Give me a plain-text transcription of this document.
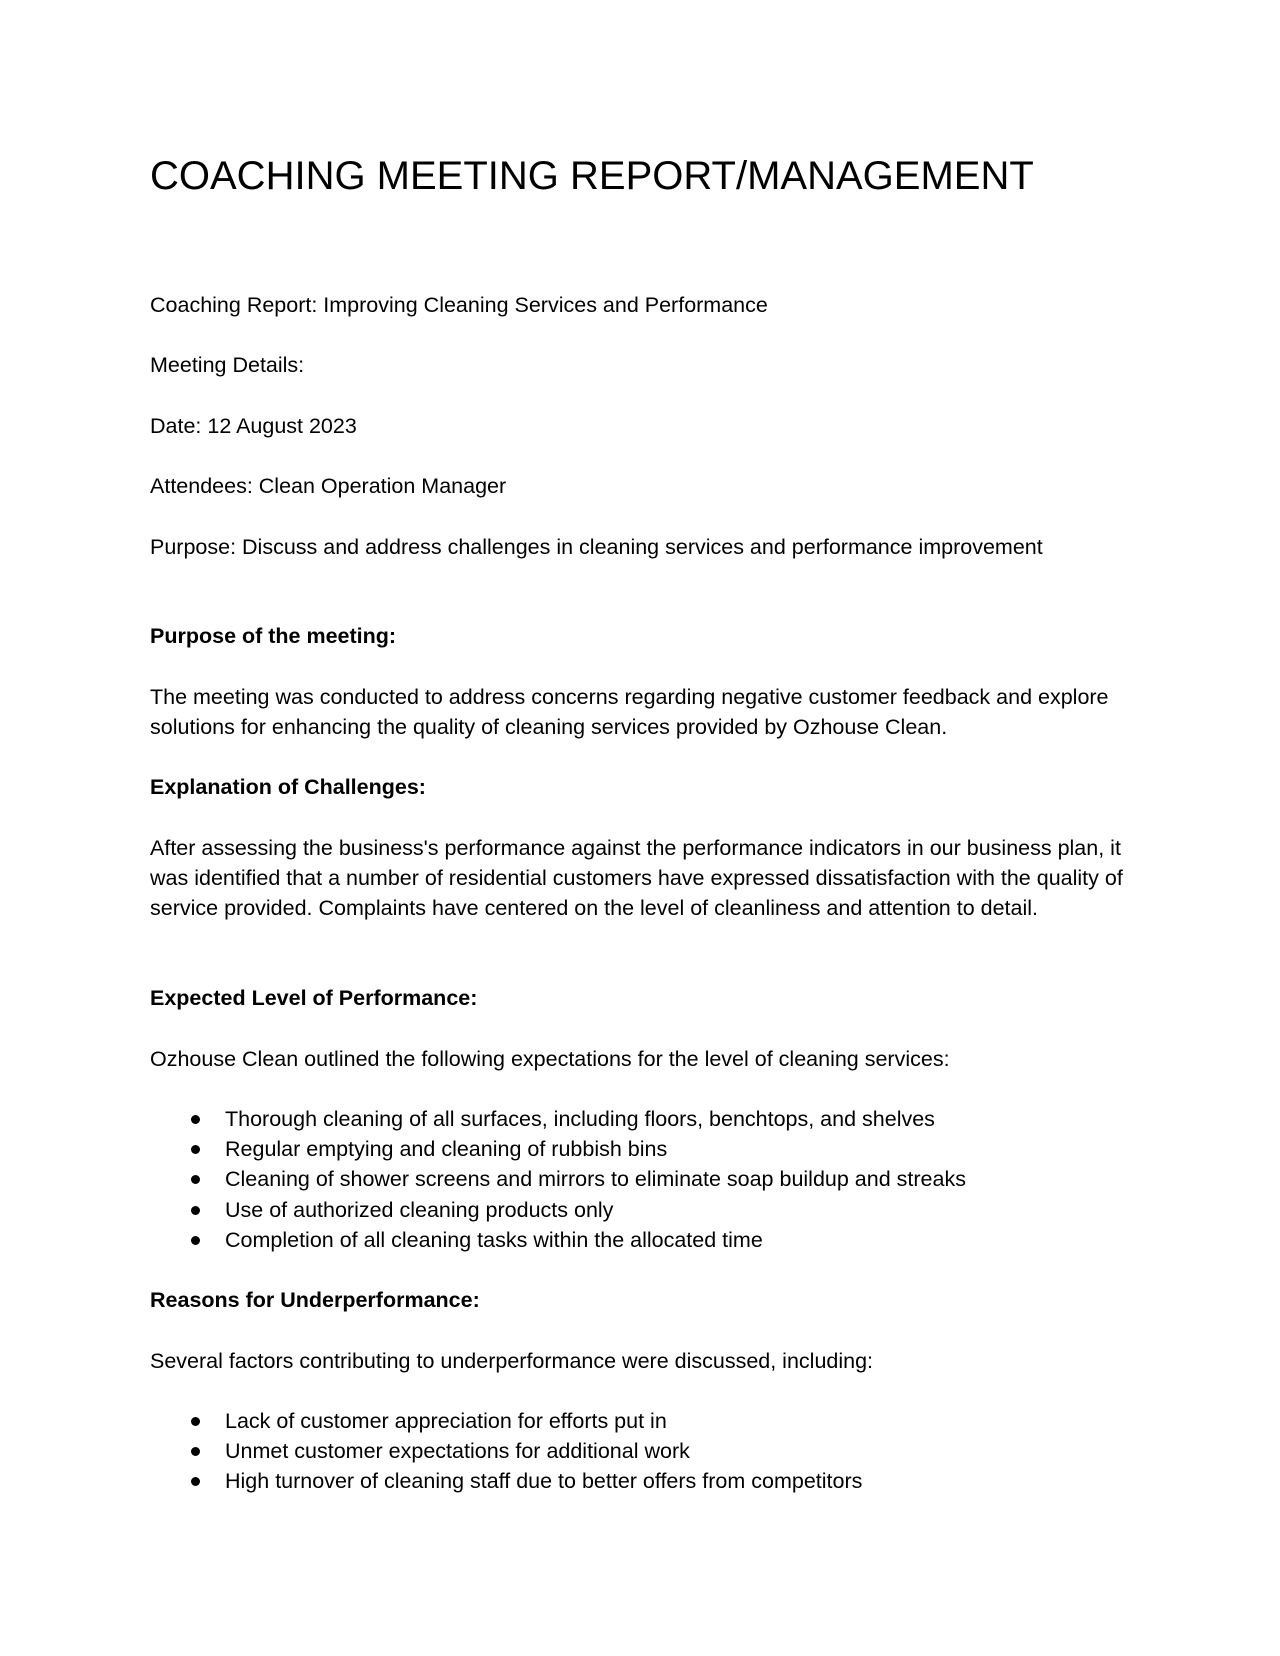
COACHING MEETING REPORT/MANAGEMENT

Coaching Report: Improving Cleaning Services and Performance

Meeting Details:

Date: 12 August 2023

Attendees: Clean Operation Manager

Purpose: Discuss and address challenges in cleaning services and performance improvement

Purpose of the meeting:

The meeting was conducted to address concerns regarding negative customer feedback and explore solutions for enhancing the quality of cleaning services provided by Ozhouse Clean.

Explanation of Challenges:

After assessing the business's performance against the performance indicators in our business plan, it was identified that a number of residential customers have expressed dissatisfaction with the quality of service provided. Complaints have centered on the level of cleanliness and attention to detail.

Expected Level of Performance:

Ozhouse Clean outlined the following expectations for the level of cleaning services:

Thorough cleaning of all surfaces, including floors, benchtops, and shelves
Regular emptying and cleaning of rubbish bins
Cleaning of shower screens and mirrors to eliminate soap buildup and streaks
Use of authorized cleaning products only
Completion of all cleaning tasks within the allocated time

Reasons for Underperformance:

Several factors contributing to underperformance were discussed, including:

Lack of customer appreciation for efforts put in
Unmet customer expectations for additional work
High turnover of cleaning staff due to better offers from competitors
